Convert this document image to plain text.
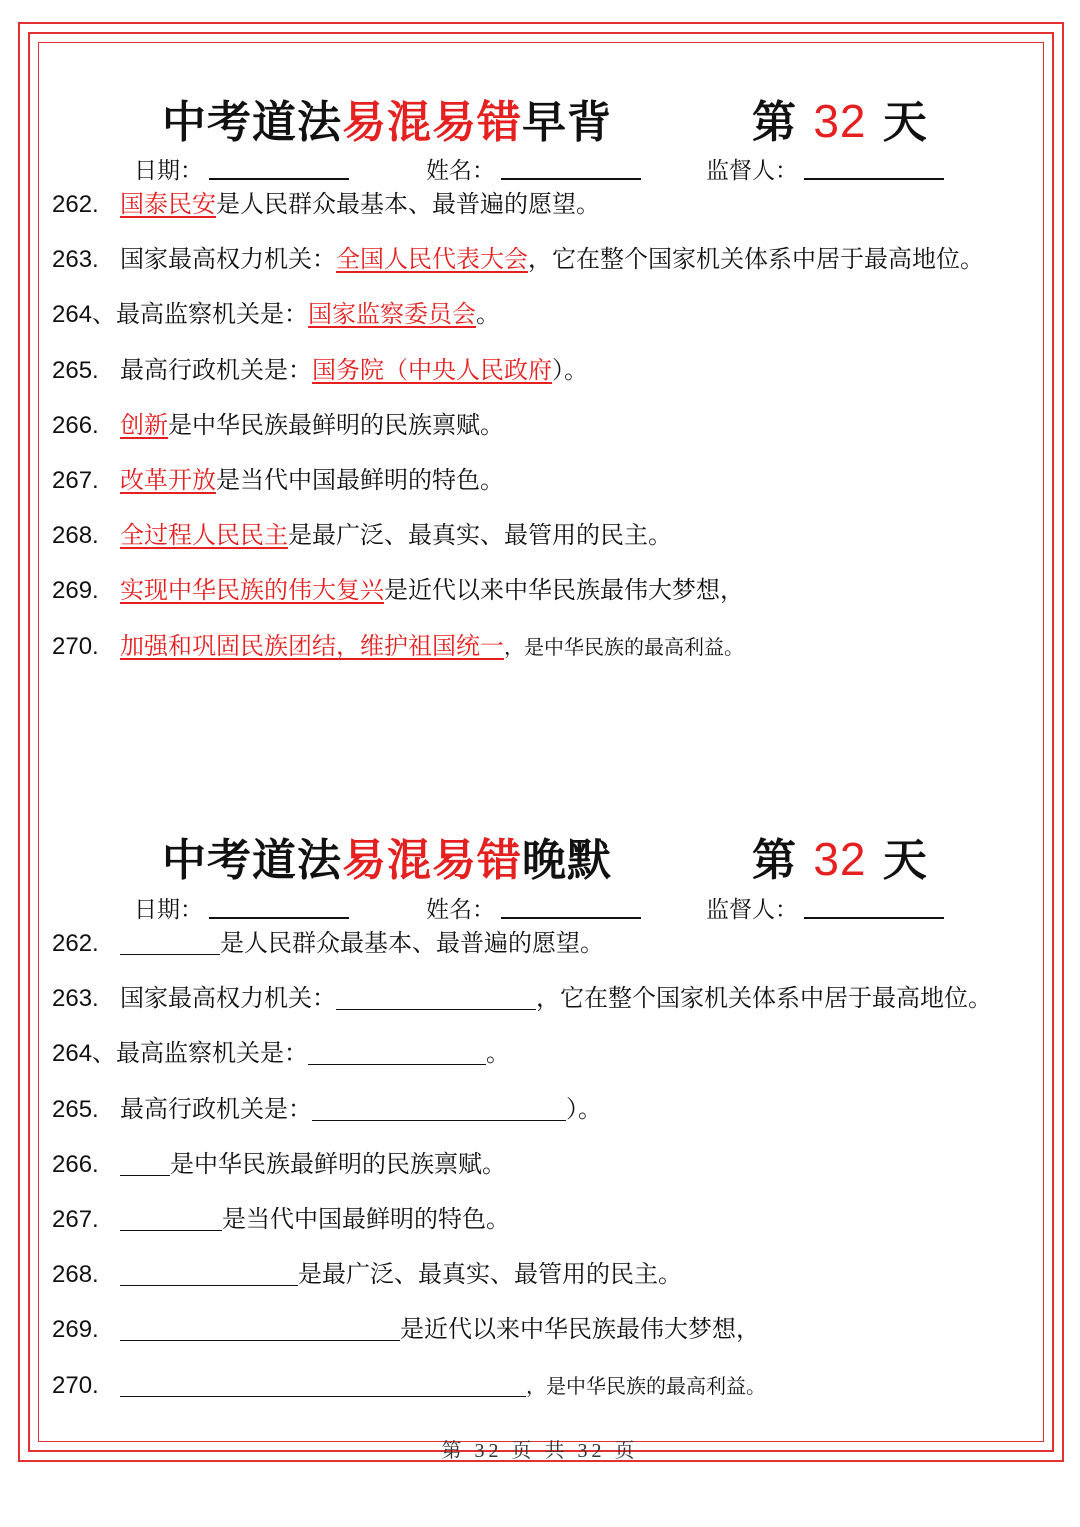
中考道法易混易错早背	第 32 天
日期：	姓名：	监督人：
262. 国泰民安是人民群众最基本、最普遍的愿望。
263. 国家最高权力机关：全国人民代表大会，它在整个国家机关体系中居于最高地位。
264、最高监察机关是：国家监察委员会。
265. 最高行政机关是：国务院（中央人民政府）。
266. 创新是中华民族最鲜明的民族禀赋。
267. 改革开放是当代中国最鲜明的特色。
268. 全过程人民民主是最广泛、最真实、最管用的民主。
269. 实现中华民族的伟大复兴是近代以来中华民族最伟大梦想，
270. 加强和巩固民族团结，维护祖国统一，是中华民族的最高利益。
中考道法易混易错晚默	第 32 天
日期：	姓名：	监督人：
262.	是人民群众最基本、最普遍的愿望。
263. 国家最高权力机关：	，它在整个国家机关体系中居于最高地位。
264、最高监察机关是：	。
265. 最高行政机关是：	）。
266.	是中华民族最鲜明的民族禀赋。
267.	是当代中国最鲜明的特色。
268.	是最广泛、最真实、最管用的民主。
269.	是近代以来中华民族最伟大梦想，
270.	，是中华民族的最高利益。
第 32 页 共 32 页
